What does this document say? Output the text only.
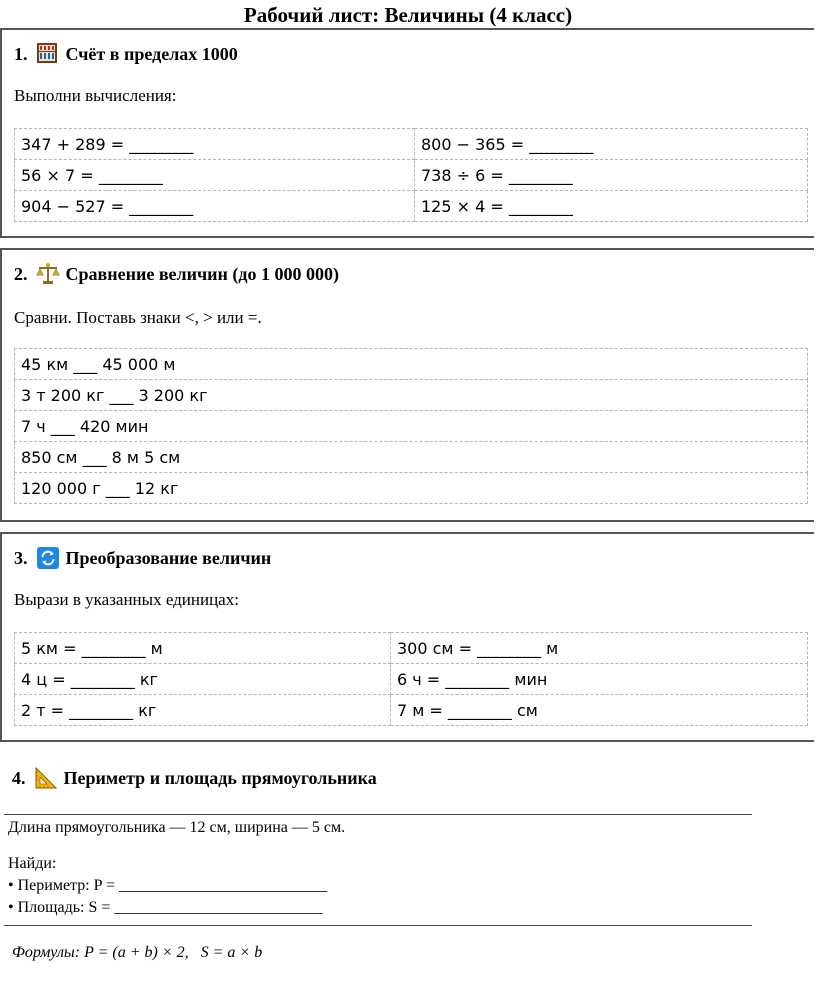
Рабочий лист: Величины (4 класс)
1. Счёт в пределах 1000
Выполни вычисления:
347 + 289 = ________	800 − 365 = ________
56 × 7 = ________	738 ÷ 6 = ________
904 − 527 = ________	125 × 4 = ________
2. Сравнение величин (до 1 000 000)
Сравни. Поставь знаки <, > или =.
45 км ___ 45 000 м
3 т 200 кг ___ 3 200 кг
7 ч ___ 420 мин
850 см ___ 8 м 5 см
120 000 г ___ 12 кг
3. Преобразование величин
Вырази в указанных единицах:
5 км = ________ м	300 см = ________ м
4 ц = ________ кг	6 ч = ________ мин
2 т = ________ кг	7 м = ________ см
4. Периметр и площадь прямоугольника
Длина прямоугольника — 12 см, ширина — 5 см.
Найди:
• Периметр: P = __________________________
• Площадь: S = __________________________
Формулы: P = (a + b) × 2,   S = a × b
